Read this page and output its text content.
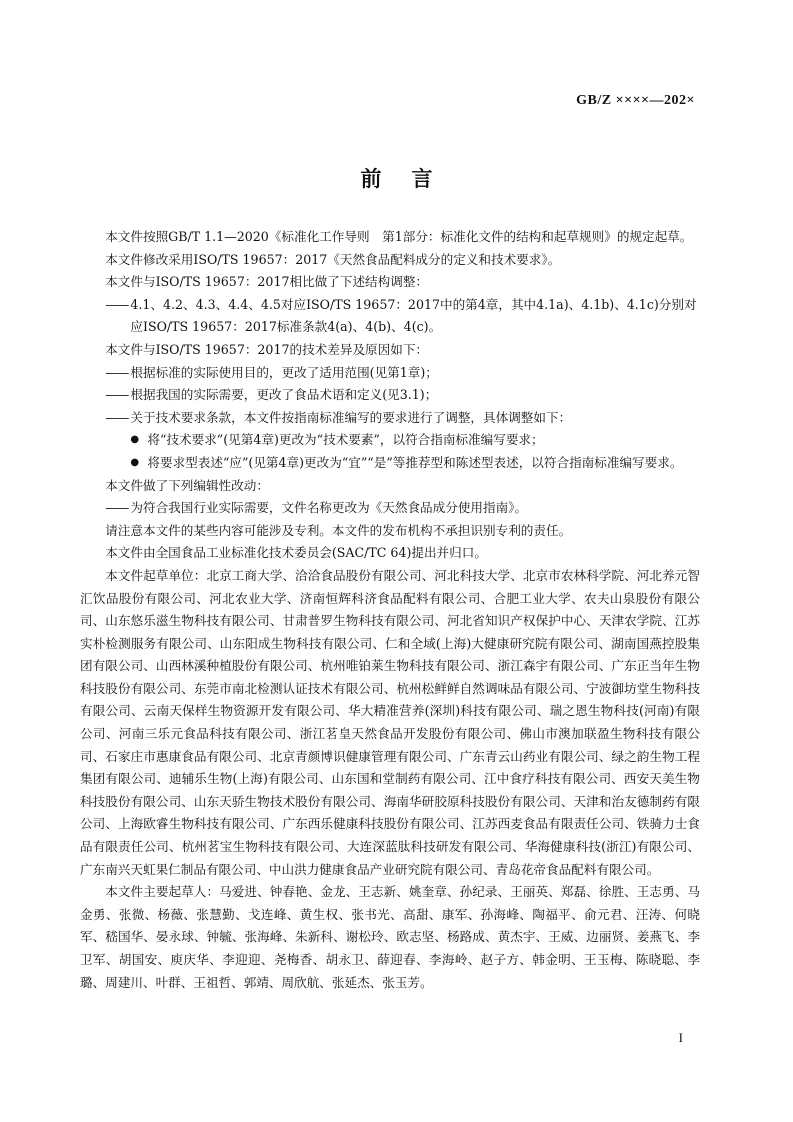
GB/Z ××××—202×
前言

本文件按照GB/T 1.1—2020《标准化工作导则　第1部分：标准化文件的结构和起草规则》的规定起草。

本文件修改采用ISO/TS 19657：2017《天然食品配料成分的定义和技术要求》。

本文件与ISO/TS 19657：2017相比做了下述结构调整：

—— 4.1、4.2、4.3、4.4、4.5对应ISO/TS 19657：2017中的第4章，其中4.1a)、4.1b)、4.1c)分别对应ISO/TS 19657：2017标准条款4(a)、4(b)、4(c)。

本文件与ISO/TS 19657：2017的技术差异及原因如下：

—— 根据标准的实际使用目的，更改了适用范围(见第1章)；
—— 根据我国的实际需要，更改了食品术语和定义(见3.1)；
—— 关于技术要求条款，本文件按指南标准编写的要求进行了调整，具体调整如下：
● 将“技术要求”(见第4章)更改为“技术要素”，以符合指南标准编写要求；
● 将要求型表述“应”(见第4章)更改为“宜”“是”等推荐型和陈述型表述，以符合指南标准编写要求。

本文件做了下列编辑性改动：

—— 为符合我国行业实际需要，文件名称更改为《天然食品成分使用指南》。

请注意本文件的某些内容可能涉及专利。本文件的发布机构不承担识别专利的责任。

本文件由全国食品工业标准化技术委员会(SAC/TC 64)提出并归口。

本文件起草单位：北京工商大学、洽洽食品股份有限公司、河北科技大学、北京市农林科学院、河北养元智汇饮品股份有限公司、河北农业大学、济南恒辉科济食品配料有限公司、合肥工业大学、农夫山泉股份有限公司、山东悠乐滋生物科技有限公司、甘肃普罗生物科技有限公司、河北省知识产权保护中心、天津农学院、江苏实朴检测服务有限公司、山东阳成生物科技有限公司、仁和全域(上海)大健康研究院有限公司、湖南国燕控股集团有限公司、山西林溪种植股份有限公司、杭州唯铂莱生物科技有限公司、浙江森宇有限公司、广东正当年生物科技股份有限公司、东莞市南北检测认证技术有限公司、杭州松鲜鲜自然调味品有限公司、宁波御坊堂生物科技有限公司、云南天保样生物资源开发有限公司、华大精准营养(深圳)科技有限公司、瑞之恩生物科技(河南)有限公司、河南三乐元食品科技有限公司、浙江茗皇天然食品开发股份有限公司、佛山市澳加联盈生物科技有限公司、石家庄市惠康食品有限公司、北京青颜博识健康管理有限公司、广东青云山药业有限公司、绿之韵生物工程集团有限公司、迪辅乐生物(上海)有限公司、山东国和堂制药有限公司、江中食疗科技有限公司、西安天美生物科技股份有限公司、山东天骄生物技术股份有限公司、海南华研胶原科技股份有限公司、天津和治友德制药有限公司、上海欧睿生物科技有限公司、广东西乐健康科技股份有限公司、江苏西麦食品有限责任公司、铁骑力士食品有限责任公司、杭州茗宝生物科技有限公司、大连深蓝肽科技研发有限公司、华海健康科技(浙江)有限公司、广东南兴天虹果仁制品有限公司、中山洪力健康食品产业研究院有限公司、青岛花帝食品配料有限公司。

本文件主要起草人：马爱进、钟春艳、金龙、王志新、姚奎章、孙纪录、王丽英、郑磊、徐胜、王志勇、马金勇、张微、杨薇、张慧勤、戈连峰、黄生权、张书光、高甜、康军、孙海峰、陶福平、俞元君、汪涛、何晓军、嵇国华、晏永球、钟毓、张海峰、朱新科、谢松玲、欧志坚、杨路成、黄杰宇、王威、边丽贤、姜燕飞、李卫军、胡国安、庾庆华、李迎迎、尧梅香、胡永卫、薛迎春、李海岭、赵子方、韩金明、王玉梅、陈晓聪、李璐、周建川、叶群、王祖哲、郭靖、周欣航、张延杰、张玉芳。

I
